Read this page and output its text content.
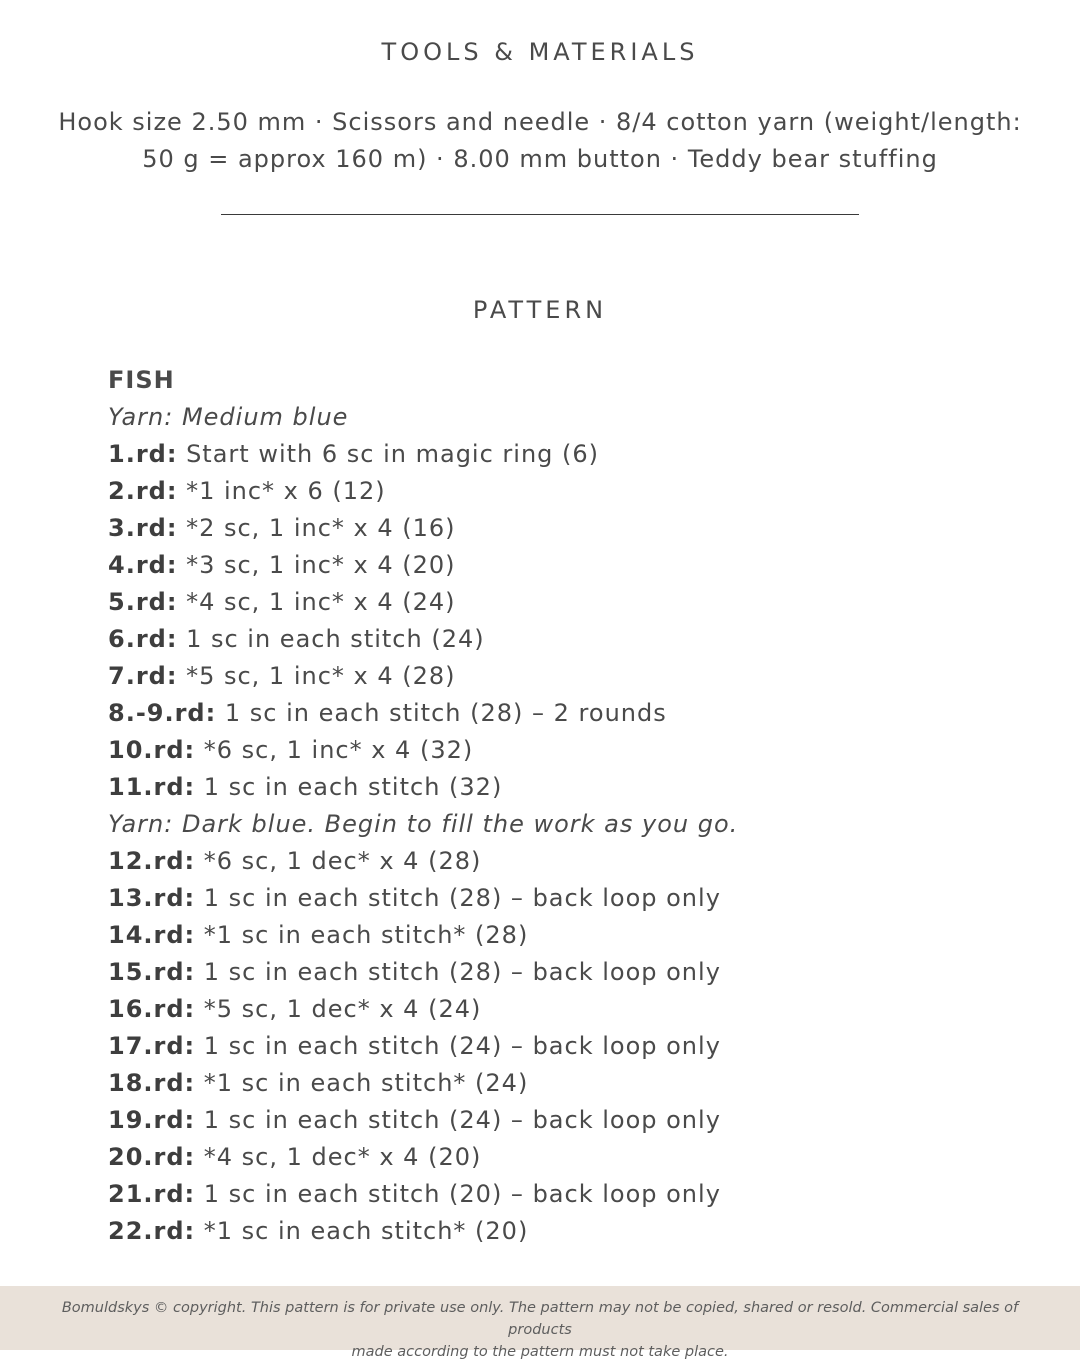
TOOLS & MATERIALS
Hook size 2.50 mm · Scissors and needle · 8/4 cotton yarn (weight/length:
50 g = approx 160 m) · 8.00 mm button · Teddy bear stuffing
PATTERN
FISH
Yarn: Medium blue
1.rd: Start with 6 sc in magic ring (6)
2.rd: *1 inc* x 6 (12)
3.rd: *2 sc, 1 inc* x 4 (16)
4.rd: *3 sc, 1 inc* x 4 (20)
5.rd: *4 sc, 1 inc* x 4 (24)
6.rd: 1 sc in each stitch (24)
7.rd: *5 sc, 1 inc* x 4 (28)
8.-9.rd: 1 sc in each stitch (28) – 2 rounds
10.rd: *6 sc, 1 inc* x 4 (32)
11.rd: 1 sc in each stitch (32)
Yarn: Dark blue. Begin to fill the work as you go.
12.rd: *6 sc, 1 dec* x 4 (28)
13.rd: 1 sc in each stitch (28) – back loop only
14.rd: *1 sc in each stitch* (28)
15.rd: 1 sc in each stitch (28) – back loop only
16.rd: *5 sc, 1 dec* x 4 (24)
17.rd: 1 sc in each stitch (24) – back loop only
18.rd: *1 sc in each stitch* (24)
19.rd: 1 sc in each stitch (24) – back loop only
20.rd: *4 sc, 1 dec* x 4 (20)
21.rd: 1 sc in each stitch (20) – back loop only
22.rd: *1 sc in each stitch* (20)
Bomuldskys © copyright. This pattern is for private use only. The pattern may not be copied, shared or resold. Commercial sales of products
made according to the pattern must not take place.
